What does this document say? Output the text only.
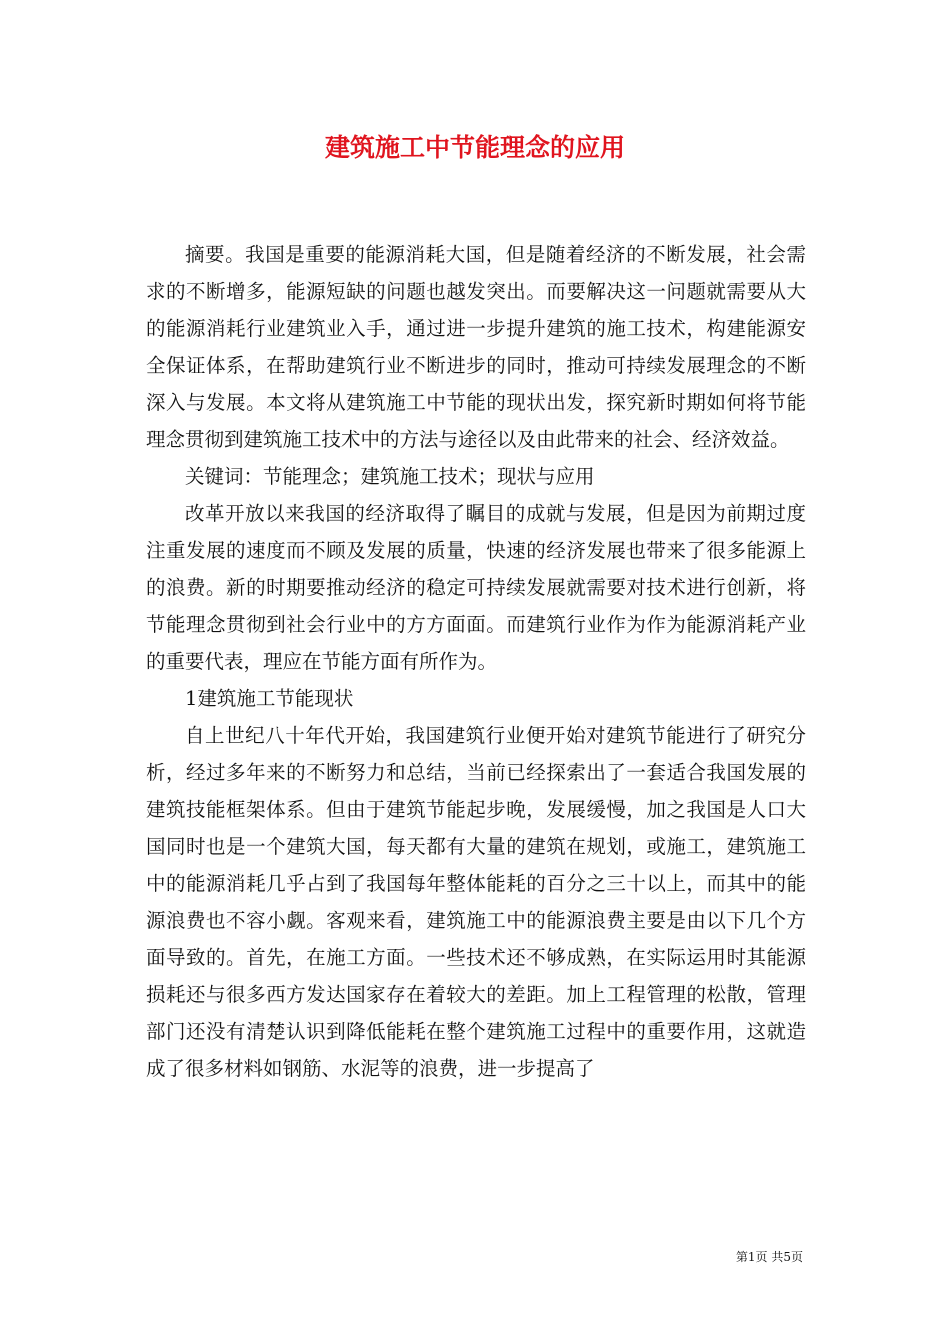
建筑施工中节能理念的应用

摘要。我国是重要的能源消耗大国，但是随着经济的不断发展，社会需求的不断增多，能源短缺的问题也越发突出。而要解决这一问题就需要从大的能源消耗行业建筑业入手，通过进一步提升建筑的施工技术，构建能源安全保证体系，在帮助建筑行业不断进步的同时，推动可持续发展理念的不断深入与发展。本文将从建筑施工中节能的现状出发，探究新时期如何将节能理念贯彻到建筑施工技术中的方法与途径以及由此带来的社会、经济效益。

关键词：节能理念；建筑施工技术；现状与应用

改革开放以来我国的经济取得了瞩目的成就与发展，但是因为前期过度注重发展的速度而不顾及发展的质量，快速的经济发展也带来了很多能源上的浪费。新的时期要推动经济的稳定可持续发展就需要对技术进行创新，将节能理念贯彻到社会行业中的方方面面。而建筑行业作为作为能源消耗产业的重要代表，理应在节能方面有所作为。

1建筑施工节能现状

自上世纪八十年代开始，我国建筑行业便开始对建筑节能进行了研究分析，经过多年来的不断努力和总结，当前已经探索出了一套适合我国发展的建筑技能框架体系。但由于建筑节能起步晚，发展缓慢，加之我国是人口大国同时也是一个建筑大国，每天都有大量的建筑在规划，或施工，建筑施工中的能源消耗几乎占到了我国每年整体能耗的百分之三十以上，而其中的能源浪费也不容小觑。客观来看，建筑施工中的能源浪费主要是由以下几个方面导致的。首先，在施工方面。一些技术还不够成熟，在实际运用时其能源损耗还与很多西方发达国家存在着较大的差距。加上工程管理的松散，管理部门还没有清楚认识到降低能耗在整个建筑施工过程中的重要作用，这就造成了很多材料如钢筋、水泥等的浪费，进一步提高了

第1页 共5页
